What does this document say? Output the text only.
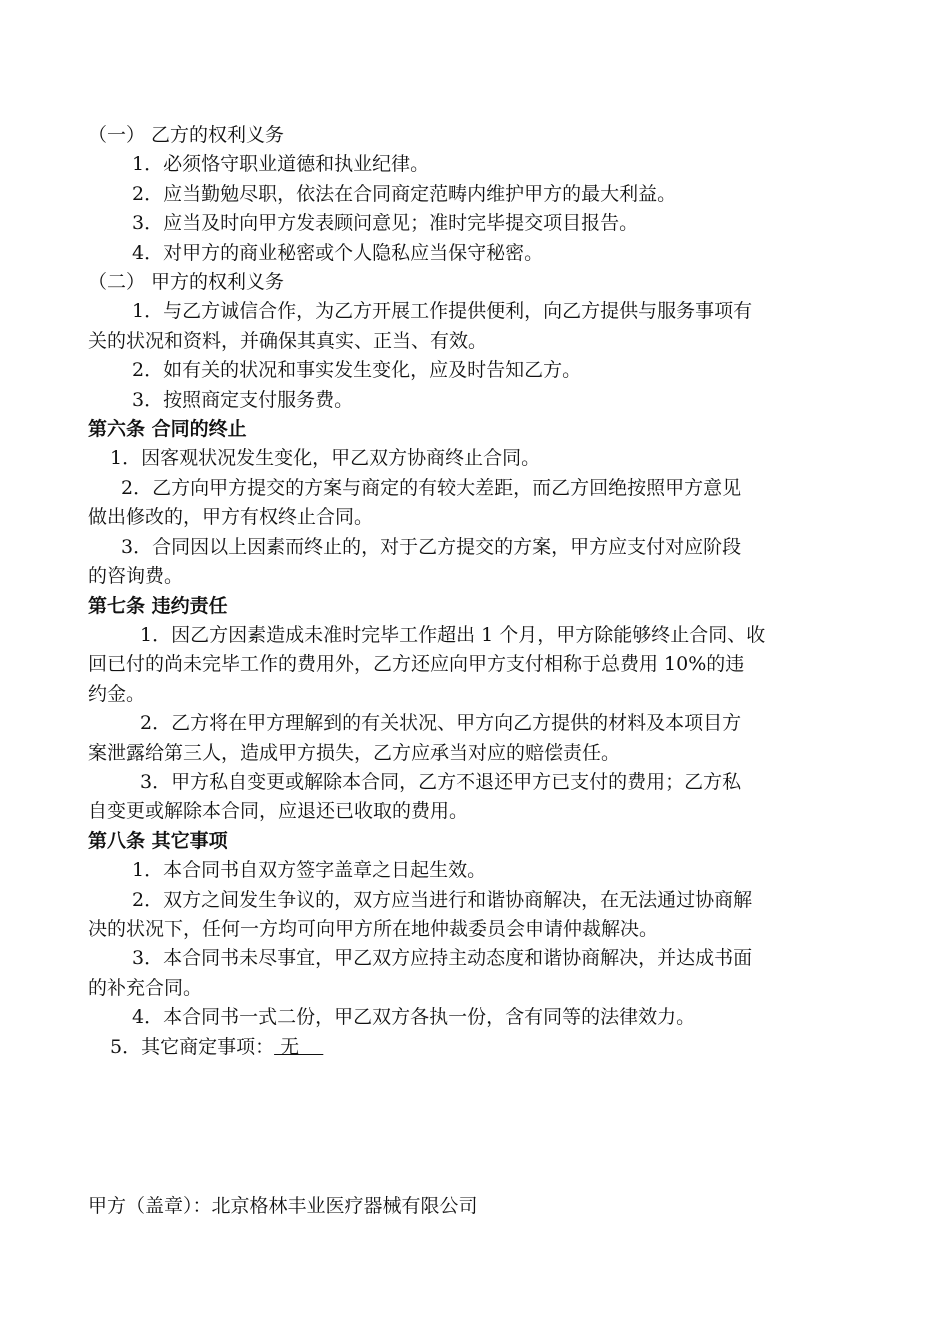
（一） 乙方的权利义务
1．必须恪守职业道德和执业纪律。
2．应当勤勉尽职，依法在合同商定范畴内维护甲方的最大利益。
3．应当及时向甲方发表顾问意见；准时完毕提交项目报告。
4．对甲方的商业秘密或个人隐私应当保守秘密。
（二） 甲方的权利义务
1．与乙方诚信合作，为乙方开展工作提供便利，向乙方提供与服务事项有
关的状况和资料，并确保其真实、正当、有效。
2．如有关的状况和事实发生变化，应及时告知乙方。
3．按照商定支付服务费。
第六条 合同的终止
1．因客观状况发生变化，甲乙双方协商终止合同。
2．乙方向甲方提交的方案与商定的有较大差距，而乙方回绝按照甲方意见
做出修改的，甲方有权终止合同。
3．合同因以上因素而终止的，对于乙方提交的方案，甲方应支付对应阶段
的咨询费。
第七条 违约责任
1．因乙方因素造成未准时完毕工作超出 1 个月，甲方除能够终止合同、收
回已付的尚未完毕工作的费用外，乙方还应向甲方支付相称于总费用 10%的违
约金。
2．乙方将在甲方理解到的有关状况、甲方向乙方提供的材料及本项目方
案泄露给第三人，造成甲方损失，乙方应承当对应的赔偿责任。
3．甲方私自变更或解除本合同，乙方不退还甲方已支付的费用；乙方私
自变更或解除本合同，应退还已收取的费用。
第八条 其它事项
1．本合同书自双方签字盖章之日起生效。
2．双方之间发生争议的，双方应当进行和谐协商解决，在无法通过协商解
决的状况下，任何一方均可向甲方所在地仲裁委员会申请仲裁解决。
3．本合同书未尽事宜，甲乙双方应持主动态度和谐协商解决，并达成书面
的补充合同。
4．本合同书一式二份，甲乙双方各执一份，含有同等的法律效力。
5．其它商定事项： 无
甲方（盖章）：北京格林丰业医疗器械有限公司
